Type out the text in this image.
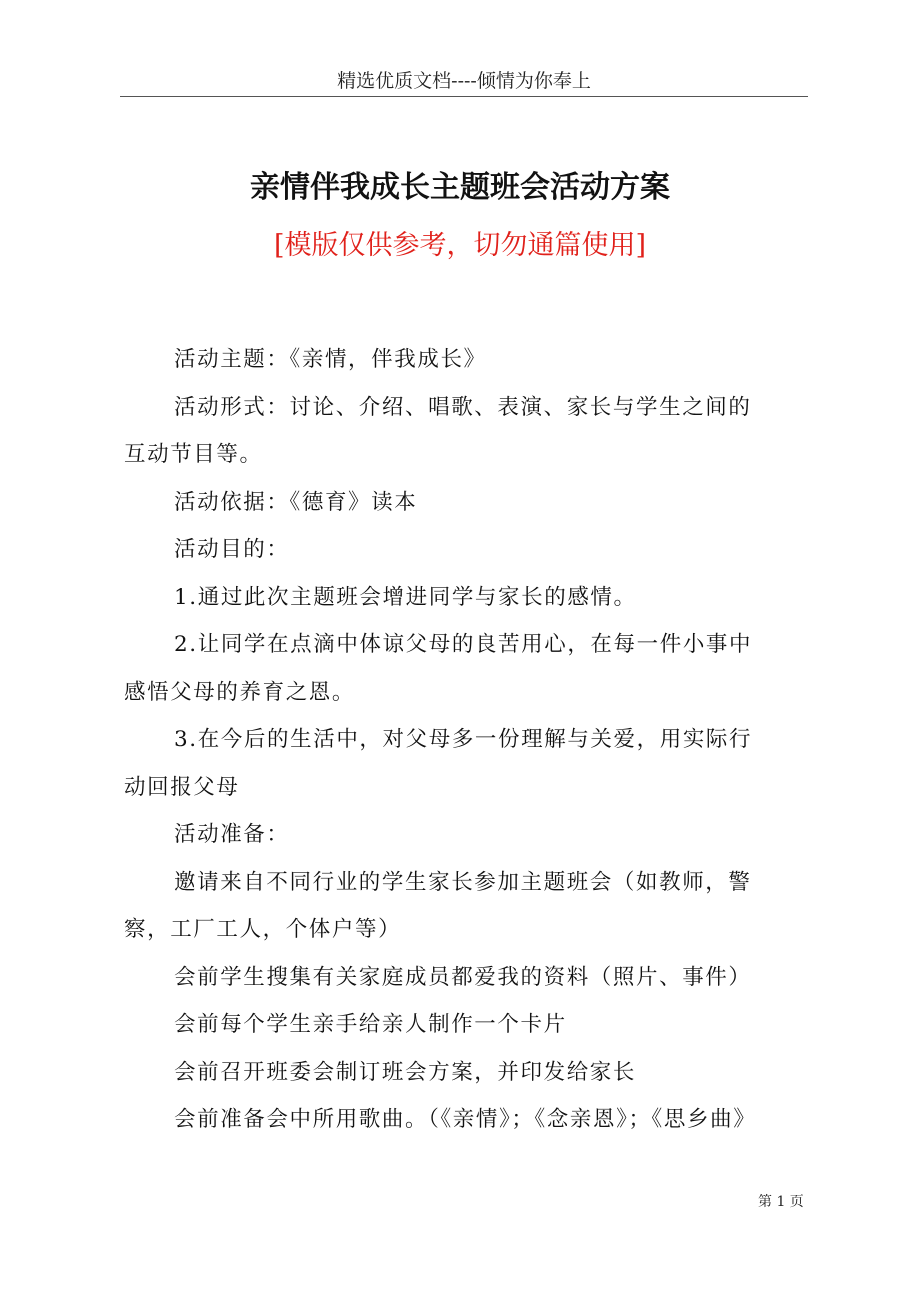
精选优质文档----倾情为你奉上
亲情伴我成长主题班会活动方案
[模版仅供参考，切勿通篇使用]

活动主题：《亲情，伴我成长》

活动形式：讨论、介绍、唱歌、表演、家长与学生之间的

互动节目等。

活动依据：《德育》读本

活动目的：

1.通过此次主题班会增进同学与家长的感情。

2.让同学在点滴中体谅父母的良苦用心，在每一件小事中

感悟父母的养育之恩。

3.在今后的生活中，对父母多一份理解与关爱，用实际行

动回报父母

活动准备：

邀请来自不同行业的学生家长参加主题班会（如教师，警

察，工厂工人，个体户等）

会前学生搜集有关家庭成员都爱我的资料（照片、事件）

会前每个学生亲手给亲人制作一个卡片

会前召开班委会制订班会方案，并印发给家长

会前准备会中所用歌曲。（《亲情》；《念亲恩》；《思乡曲》

第 1 页
